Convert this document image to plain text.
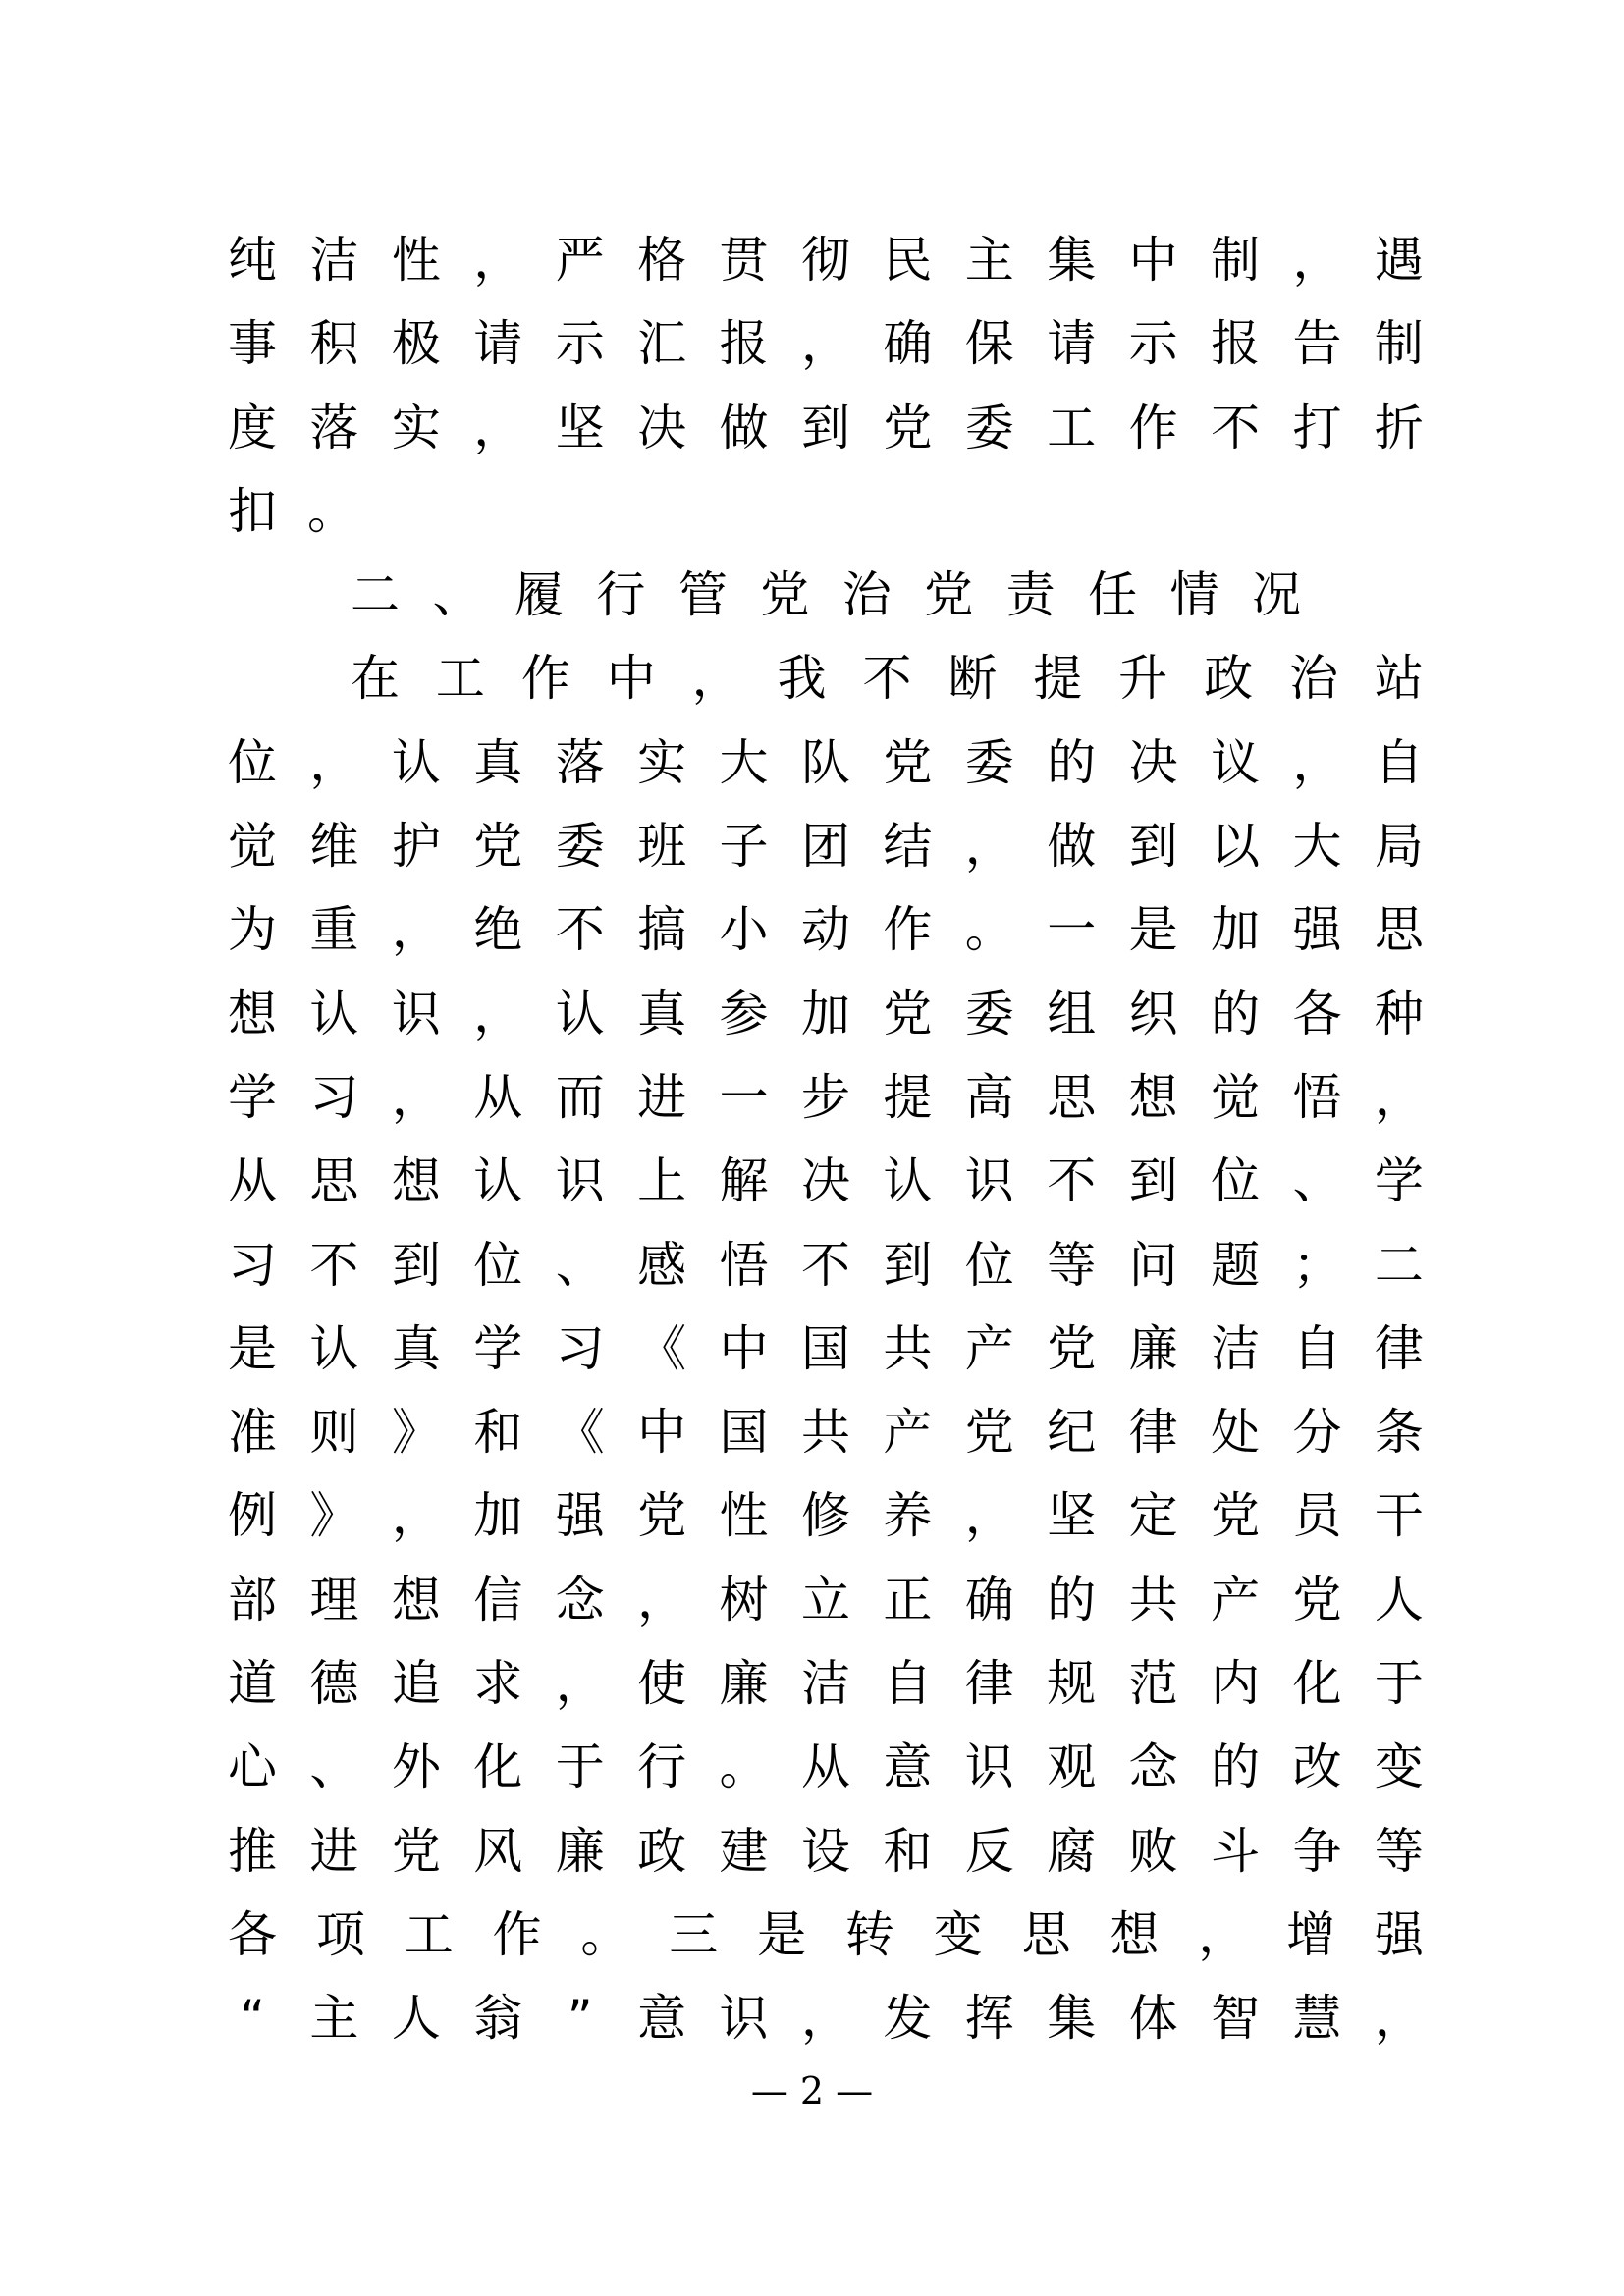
纯 洁 性 ， 严 格 贯 彻 民 主 集 中 制 ， 遇
事 积 极 请 示 汇 报 ， 确 保 请 示 报 告 制
度 落 实 ， 坚 决 做 到 党 委 工 作 不 打 折
扣 。
二 、 履 行 管 党 治 党 责 任 情 况
在 工 作 中 ， 我 不 断 提 升 政 治 站
位 ， 认 真 落 实 大 队 党 委 的 决 议 ， 自
觉 维 护 党 委 班 子 团 结 ， 做 到 以 大 局
为 重 ， 绝 不 搞 小 动 作 。 一 是 加 强 思
想 认 识 ， 认 真 参 加 党 委 组 织 的 各 种
学 习 ， 从 而 进 一 步 提 高 思 想 觉 悟 ，
从 思 想 认 识 上 解 决 认 识 不 到 位 、 学
习 不 到 位 、 感 悟 不 到 位 等 问 题 ； 二
是 认 真 学 习 《 中 国 共 产 党 廉 洁 自 律
准 则 》 和 《 中 国 共 产 党 纪 律 处 分 条
例 》 ， 加 强 党 性 修 养 ， 坚 定 党 员 干
部 理 想 信 念 ， 树 立 正 确 的 共 产 党 人
道 德 追 求 ， 使 廉 洁 自 律 规 范 内 化 于
心 、 外 化 于 行 。 从 意 识 观 念 的 改 变
推 进 党 风 廉 政 建 设 和 反 腐 败 斗 争 等
各 项 工 作 。 三 是 转 变 思 想 ， 增 强
“ 主 人 翁 ” 意 识 ， 发 挥 集 体 智 慧 ，
— 2 —
